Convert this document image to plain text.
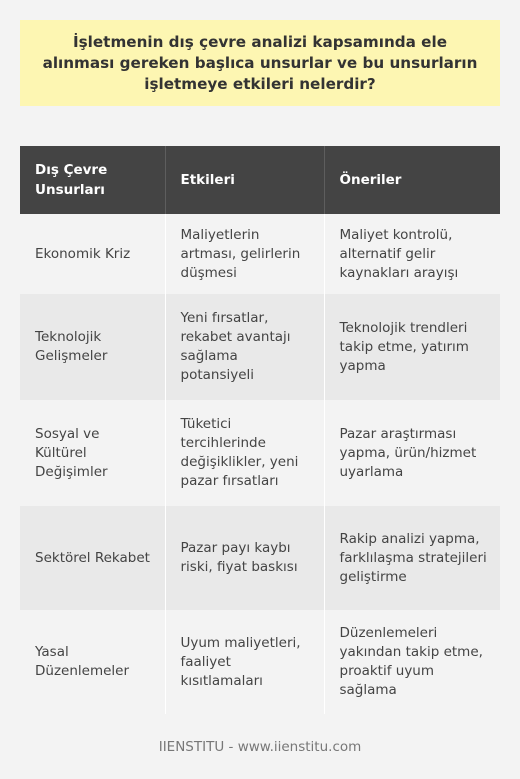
İşletmenin dış çevre analizi kapsamında ele alınması gereken başlıca unsurlar ve bu unsurların işletmeye etkileri nelerdir?
Dış Çevre Unsurları	Etkileri	Öneriler
Ekonomik Kriz	Maliyetlerin artması, gelirlerin düşmesi	Maliyet kontrolü, alternatif gelir kaynakları arayışı
Teknolojik Gelişmeler	Yeni fırsatlar, rekabet avantajı sağlama potansiyeli	Teknolojik trendleri takip etme, yatırım yapma
Sosyal ve Kültürel Değişimler	Tüketici tercihlerinde değişiklikler, yeni pazar fırsatları	Pazar araştırması yapma, ürün/hizmet uyarlama
Sektörel Rekabet	Pazar payı kaybı riski, fiyat baskısı	Rakip analizi yapma, farklılaşma stratejileri geliştirme
Yasal Düzenlemeler	Uyum maliyetleri, faaliyet kısıtlamaları	Düzenlemeleri yakından takip etme, proaktif uyum sağlama
IIENSTITU - www.iienstitu.com
